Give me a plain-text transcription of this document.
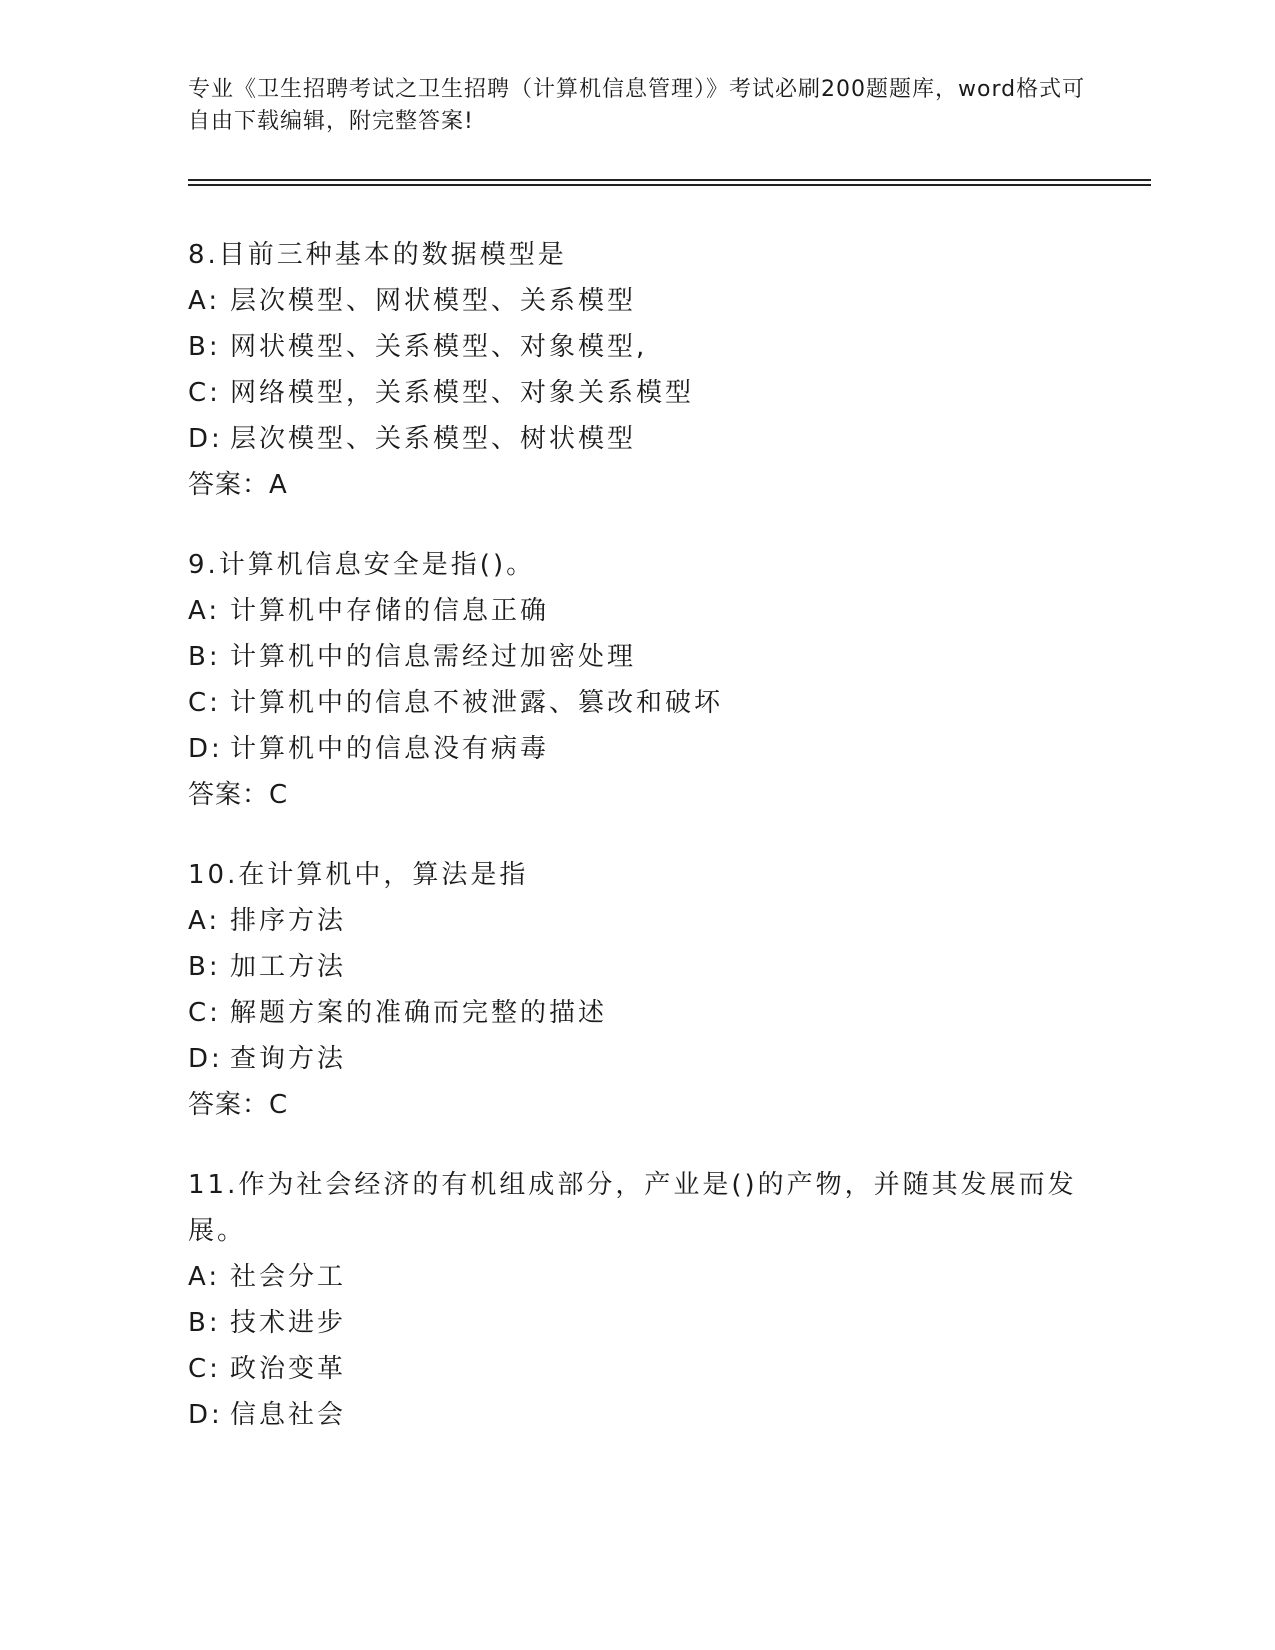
专业《卫生招聘考试之卫生招聘（计算机信息管理）》考试必刷200题题库，word格式可自由下载编辑，附完整答案!
8.目前三种基本的数据模型是
A: 层次模型、网状模型、关系模型
B: 网状模型、关系模型、对象模型,
C: 网络模型，关系模型、对象关系模型
D: 层次模型、关系模型、树状模型
答案：A
9.计算机信息安全是指()。
A: 计算机中存储的信息正确
B: 计算机中的信息需经过加密处理
C: 计算机中的信息不被泄露、篡改和破坏
D: 计算机中的信息没有病毒
答案：C
10.在计算机中，算法是指
A: 排序方法
B: 加工方法
C: 解题方案的准确而完整的描述
D: 查询方法
答案：C
11.作为社会经济的有机组成部分，产业是()的产物，并随其发展而发展。
A: 社会分工
B: 技术进步
C: 政治变革
D: 信息社会
